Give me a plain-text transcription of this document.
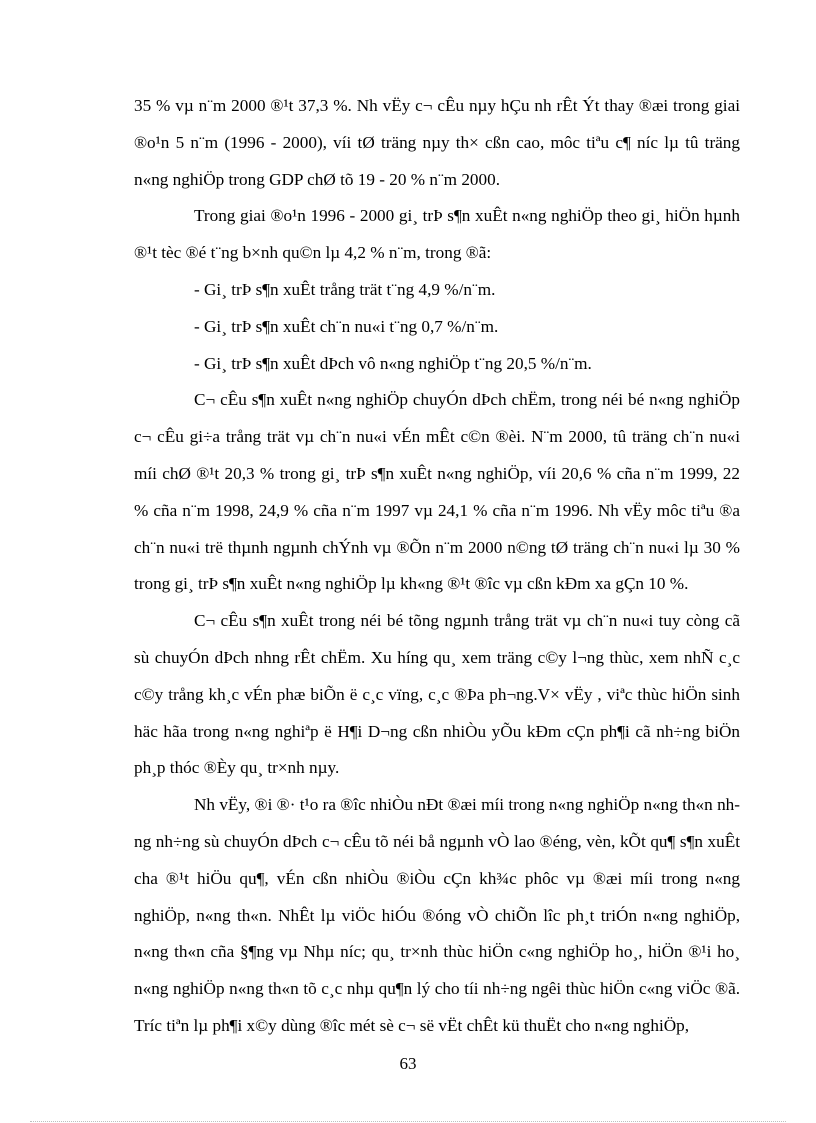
35 % vµ n¨m 2000 ®¹t 37,3 %. Nh vËy c¬ cÊu nµy hÇu nh rÊt Ýt thay ®æi trong giai ®o¹n 5 n¨m (1996 - 2000), víi tØ träng nµy th× cßn cao, môc tiªu c¶ níc lµ tû träng n«ng nghiÖp trong GDP chØ tõ 19 - 20 % n¨m 2000.

Trong giai ®o¹n 1996 - 2000 gi¸ trÞ s¶n xuÊt n«ng nghiÖp theo gi¸ hiÖn hµnh ®¹t tèc ®é t¨ng b×nh qu©n lµ 4,2 % n¨m, trong ®ã:

- Gi¸ trÞ s¶n xuÊt trång trät t¨ng 4,9 %/n¨m.

- Gi¸ trÞ s¶n xuÊt ch¨n nu«i t¨ng 0,7 %/n¨m.

- Gi¸ trÞ s¶n xuÊt dÞch vô n«ng nghiÖp t¨ng 20,5 %/n¨m.

C¬ cÊu s¶n xuÊt n«ng nghiÖp chuyÓn dÞch chËm, trong néi bé n«ng nghiÖp c¬ cÊu gi÷a trång trät vµ ch¨n nu«i vÉn mÊt c©n ®èi. N¨m 2000, tû träng ch¨n nu«i míi chØ ®¹t 20,3 % trong gi¸ trÞ s¶n xuÊt n«ng nghiÖp, víi 20,6 % cña n¨m 1999, 22 % cña n¨m 1998, 24,9 % cña n¨m 1997 vµ 24,1 % cña n¨m 1996. Nh vËy môc tiªu ®a ch¨n nu«i trë thµnh ngµnh chÝnh vµ ®Õn n¨m 2000 n©ng tØ träng ch¨n nu«i lµ 30 % trong gi¸ trÞ s¶n xuÊt n«ng nghiÖp lµ kh«ng ®¹t ®îc vµ cßn kÐm xa gÇn 10 %.

C¬ cÊu s¶n xuÊt trong néi bé tõng ngµnh trång trät vµ ch¨n nu«i tuy còng cã sù chuyÓn dÞch nhng rÊt chËm. Xu híng qu¸ xem träng c©y l¬ng thùc, xem nhÑ c¸c c©y trång kh¸c vÉn phæ biÕn ë c¸c vïng, c¸c ®Þa ph¬ng.V× vËy , viªc thùc hiÖn sinh häc hãa trong n«ng nghiªp ë H¶i D¬ng cßn nhiÒu yÕu kÐm cÇn ph¶i cã nh÷ng biÖn ph¸p thóc ®Èy qu¸ tr×nh nµy.

Nh vËy, ®i ®· t¹o ra ®îc nhiÒu nÐt ®æi míi trong n«ng nghiÖp n«ng th«n nhng nh÷ng sù chuyÓn dÞch c¬ cÊu tõ néi bå ngµnh vÒ lao ®éng, vèn, kÕt qu¶ s¶n xuÊt cha ®¹t hiÖu qu¶, vÉn cßn nhiÒu ®iÒu cÇn kh¾c phôc vµ ®æi míi trong n«ng nghiÖp, n«ng th«n. NhÊt lµ viÖc hiÓu ®óng vÒ chiÕn lîc ph¸t triÓn n«ng nghiÖp, n«ng th«n cña §¶ng vµ Nhµ níc; qu¸ tr×nh thùc hiÖn c«ng nghiÖp ho¸, hiÖn ®¹i ho¸ n«ng nghiÖp n«ng th«n tõ c¸c nhµ qu¶n lý cho tíi nh÷ng ngêi thùc hiÖn c«ng viÖc ®ã. Tríc tiªn lµ ph¶i x©y dùng ®îc mét sè c¬ së vËt chÊt kü thuËt cho n«ng nghiÖp,

63
